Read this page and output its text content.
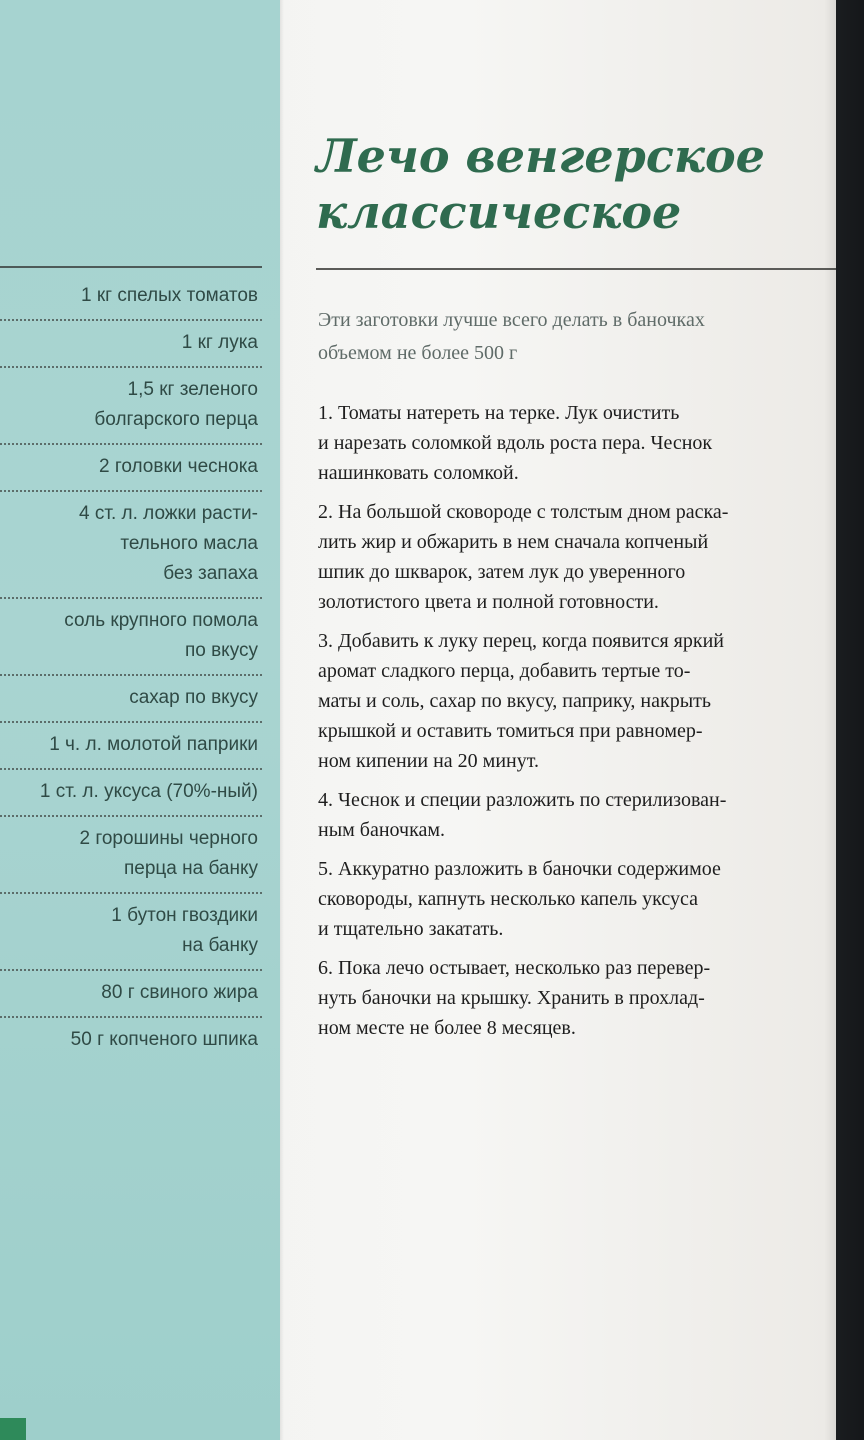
1 кг спелых томатов
1 кг лука
1,5 кг зеленого
болгарского перца
2 головки чеснока
4 ст. л. ложки расти-
тельного масла
без запаха
соль крупного помола
по вкусу
сахар по вкусу
1 ч. л. молотой паприки
1 ст. л. уксуса (70%-ный)
2 горошины черного
перца на банку
1 бутон гвоздики
на банку
80 г свиного жира
50 г копченого шпика
Лечо венгерское
классическое

Эти заготовки лучше всего делать в баночках
объемом не более 500 г

1. Томаты натереть на терке. Лук очистить
и нарезать соломкой вдоль роста пера. Чеснок
нашинковать соломкой.
2. На большой сковороде с толстым дном раска-
лить жир и обжарить в нем сначала копченый
шпик до шкварок, затем лук до уверенного
золотистого цвета и полной готовности.
3. Добавить к луку перец, когда появится яркий
аромат сладкого перца, добавить тертые то-
маты и соль, сахар по вкусу, паприку, накрыть
крышкой и оставить томиться при равномер-
ном кипении на 20 минут.
4. Чеснок и специи разложить по стерилизован-
ным баночкам.
5. Аккуратно разложить в баночки содержимое
сковороды, капнуть несколько капель уксуса
и тщательно закатать.
6. Пока лечо остывает, несколько раз перевер-
нуть баночки на крышку. Хранить в прохлад-
ном месте не более 8 месяцев.
